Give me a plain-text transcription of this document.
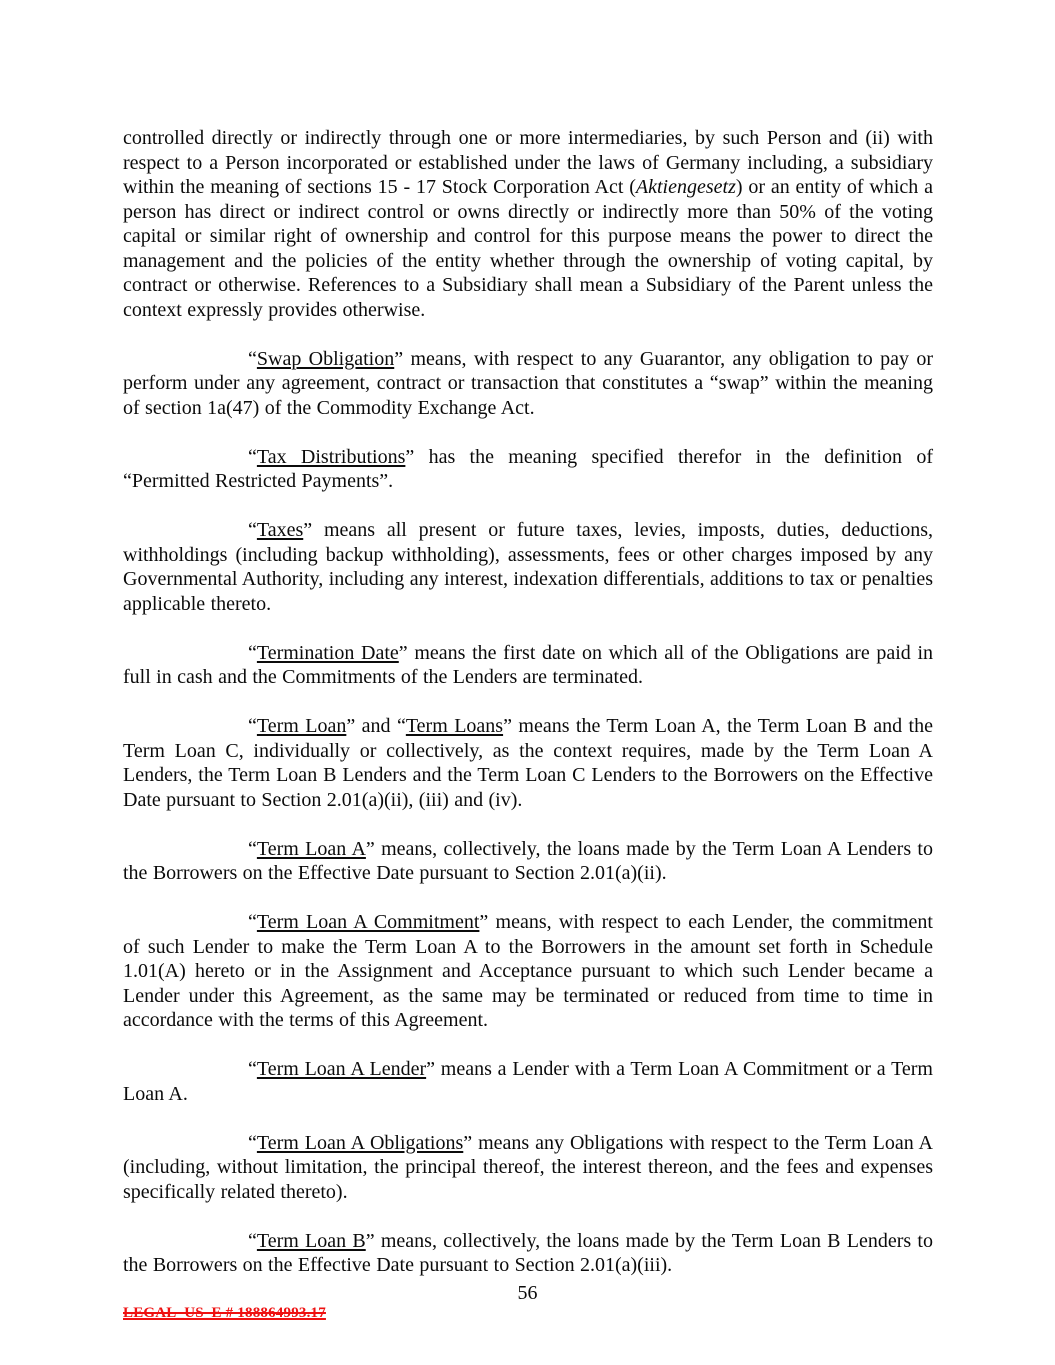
controlled directly or indirectly through one or more intermediaries, by such Person and (ii) with respect to a Person incorporated or established under the laws of Germany including, a subsidiary within the meaning of sections 15 - 17 Stock Corporation Act (Aktiengesetz) or an entity of which a person has direct or indirect control or owns directly or indirectly more than 50% of the voting capital or similar right of ownership and control for this purpose means the power to direct the management and the policies of the entity whether through the ownership of voting capital, by contract or otherwise. References to a Subsidiary shall mean a Subsidiary of the Parent unless the context expressly provides otherwise.

“Swap Obligation” means, with respect to any Guarantor, any obligation to pay or perform under any agreement, contract or transaction that constitutes a “swap” within the meaning of section 1a(47) of the Commodity Exchange Act.

“Tax Distributions” has the meaning specified therefor in the definition of “Permitted Restricted Payments”.

“Taxes” means all present or future taxes, levies, imposts, duties, deductions, withholdings (including backup withholding), assessments, fees or other charges imposed by any Governmental Authority, including any interest, indexation differentials, additions to tax or penalties applicable thereto.

“Termination Date” means the first date on which all of the Obligations are paid in full in cash and the Commitments of the Lenders are terminated.

“Term Loan” and “Term Loans” means the Term Loan A, the Term Loan B and the Term Loan C, individually or collectively, as the context requires, made by the Term Loan A Lenders, the Term Loan B Lenders and the Term Loan C Lenders to the Borrowers on the Effective Date pursuant to Section 2.01(a)(ii), (iii) and (iv).

“Term Loan A” means, collectively, the loans made by the Term Loan A Lenders to the Borrowers on the Effective Date pursuant to Section 2.01(a)(ii).

“Term Loan A Commitment” means, with respect to each Lender, the commitment of such Lender to make the Term Loan A to the Borrowers in the amount set forth in Schedule 1.01(A) hereto or in the Assignment and Acceptance pursuant to which such Lender became a Lender under this Agreement, as the same may be terminated or reduced from time to time in accordance with the terms of this Agreement.

“Term Loan A Lender” means a Lender with a Term Loan A Commitment or a Term Loan A.

“Term Loan A Obligations” means any Obligations with respect to the Term Loan A (including, without limitation, the principal thereof, the interest thereon, and the fees and expenses specifically related thereto).

“Term Loan B” means, collectively, the loans made by the Term Loan B Lenders to the Borrowers on the Effective Date pursuant to Section 2.01(a)(iii).

56
LEGAL_US_E # 188864993.17
